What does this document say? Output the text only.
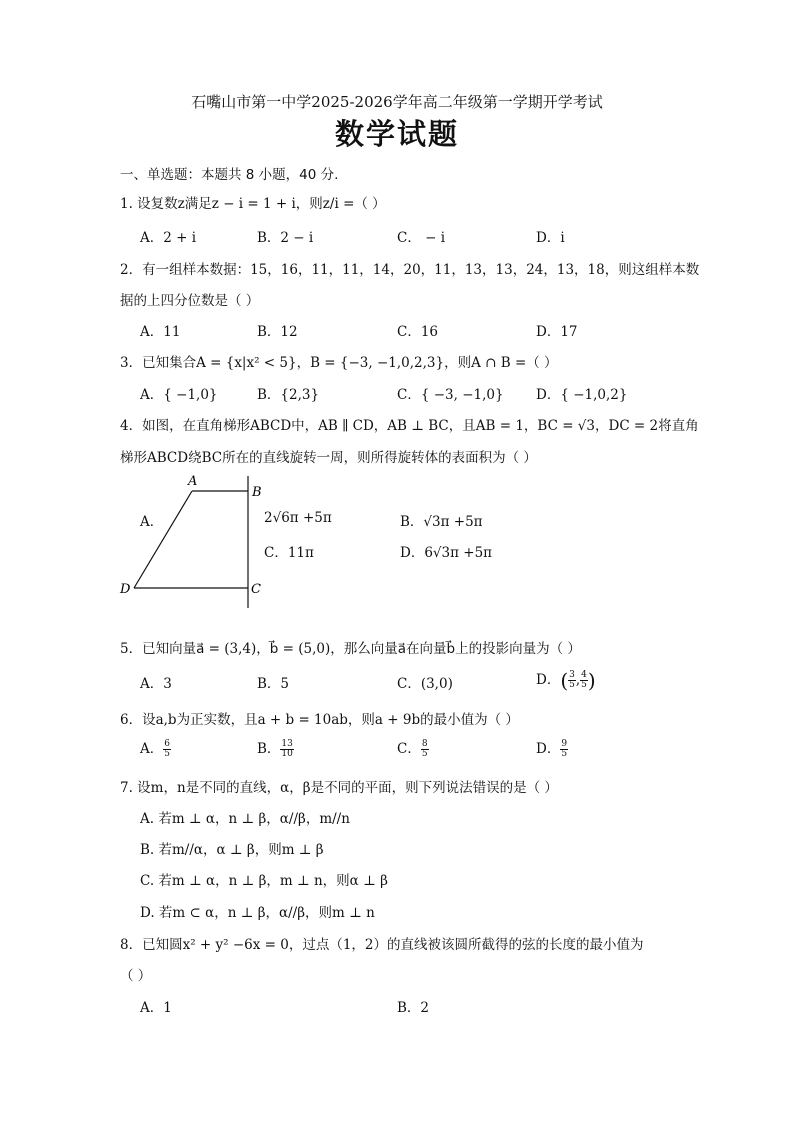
石嘴山市第一中学2025-2026学年高二年级第一学期开学考试
数学试题
一、单选题：本题共 8 小题，40 分.
1. 设复数z满足z − i = 1 + i，则z/i =（ ）
A．2 + i	B．2 − i	C． − i	D．i
2．有一组样本数据：15，16，11，11，14，20，11，13，13，24，13，18，则这组样本数
据的上四分位数是（ ）
A．11	B．12	C．16	D．17
3．已知集合A = {x|x² < 5}，B = {−3, −1,0,2,3}，则A ∩ B =（ ）
A．{ −1,0}	B．{2,3}	C．{ −3, −1,0} D．{ −1,0,2}
4．如图，在直角梯形ABCD中，AB ∥ CD，AB ⊥ BC，且AB = 1，BC = √3，DC = 2将直角
梯形ABCD绕BC所在的直线旋转一周，则所得旋转体的表面积为（ ）
A
B
C
D
A．	2√6π +5π	B．√3π +5π
C．11π	D．6√3π +5π
5．已知向量a⃗ = (3,4)，b⃗ = (5,0)，那么向量a⃗在向量b⃗上的投影向量为（ ）
A．3	B．5	C．(3,0)	D．( $\frac{3}{5}$ , $\frac{4}{5}$ )
6．设a,b为正实数，且a + b = 10ab，则a + 9b的最小值为（ ）
A． $\frac{6}{5}$	B． $\frac{13}{10}$	C． $\frac{8}{5}$	D． $\frac{9}{5}$
7. 设m，n是不同的直线，α，β是不同的平面，则下列说法错误的是（ ）
A. 若m ⊥ α，n ⊥ β，α//β，m//n
B. 若m//α，α ⊥ β，则m ⊥ β
C. 若m ⊥ α，n ⊥ β，m ⊥ n，则α ⊥ β
D. 若m ⊂ α，n ⊥ β，α//β，则m ⊥ n
8．已知圆x² + y² −6x = 0，过点（1，2）的直线被该圆所截得的弦的长度的最小值为
（ ）
A．1	B．2
